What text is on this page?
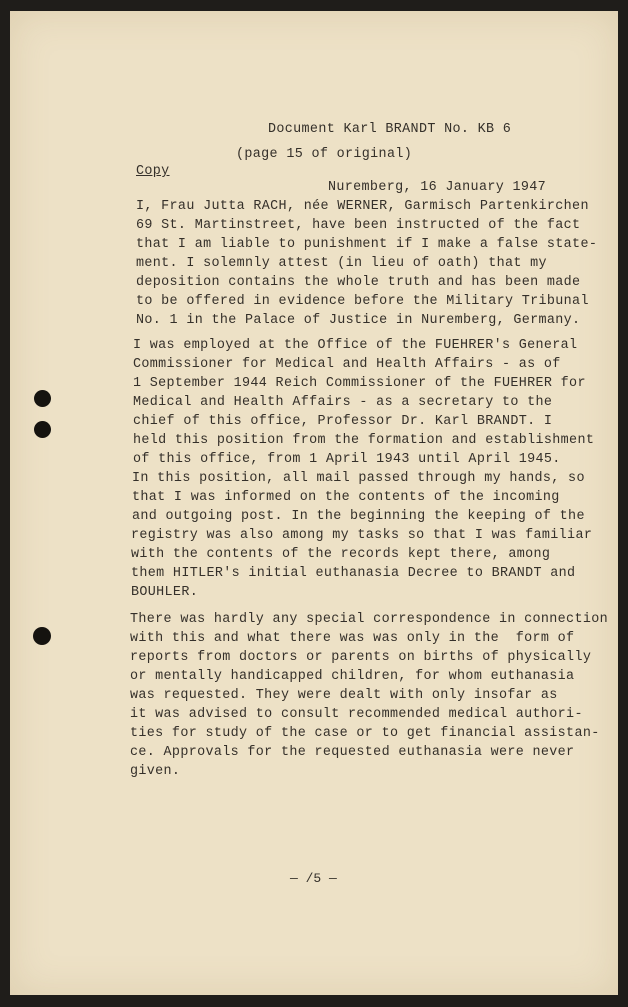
Document Karl BRANDT No. KB 6
(page 15 of original)
Copy
Nuremberg, 16 January 1947
I, Frau Jutta RACH, née WERNER, Garmisch Partenkirchen
69 St. Martinstreet, have been instructed of the fact
that I am liable to punishment if I make a false state-
ment. I solemnly attest (in lieu of oath) that my
deposition contains the whole truth and has been made
to be offered in evidence before the Military Tribunal
No. 1 in the Palace of Justice in Nuremberg, Germany.
I was employed at the Office of the FUEHRER's General
Commissioner for Medical and Health Affairs - as of
1 September 1944 Reich Commissioner of the FUEHRER for
Medical and Health Affairs - as a secretary to the
chief of this office, Professor Dr. Karl BRANDT. I
held this position from the formation and establishment
of this office, from 1 April 1943 until April 1945.
In this position, all mail passed through my hands, so
that I was informed on the contents of the incoming
and outgoing post. In the beginning the keeping of the
registry was also among my tasks so that I was familiar
with the contents of the records kept there, among
them HITLER's initial euthanasia Decree to BRANDT and
BOUHLER.
There was hardly any special correspondence in connection
with this and what there was was only in the  form of
reports from doctors or parents on births of physically
or mentally handicapped children, for whom euthanasia
was requested. They were dealt with only insofar as
it was advised to consult recommended medical authori-
ties for study of the case or to get financial assistan-
ce. Approvals for the requested euthanasia were never
given.
— /5 —
